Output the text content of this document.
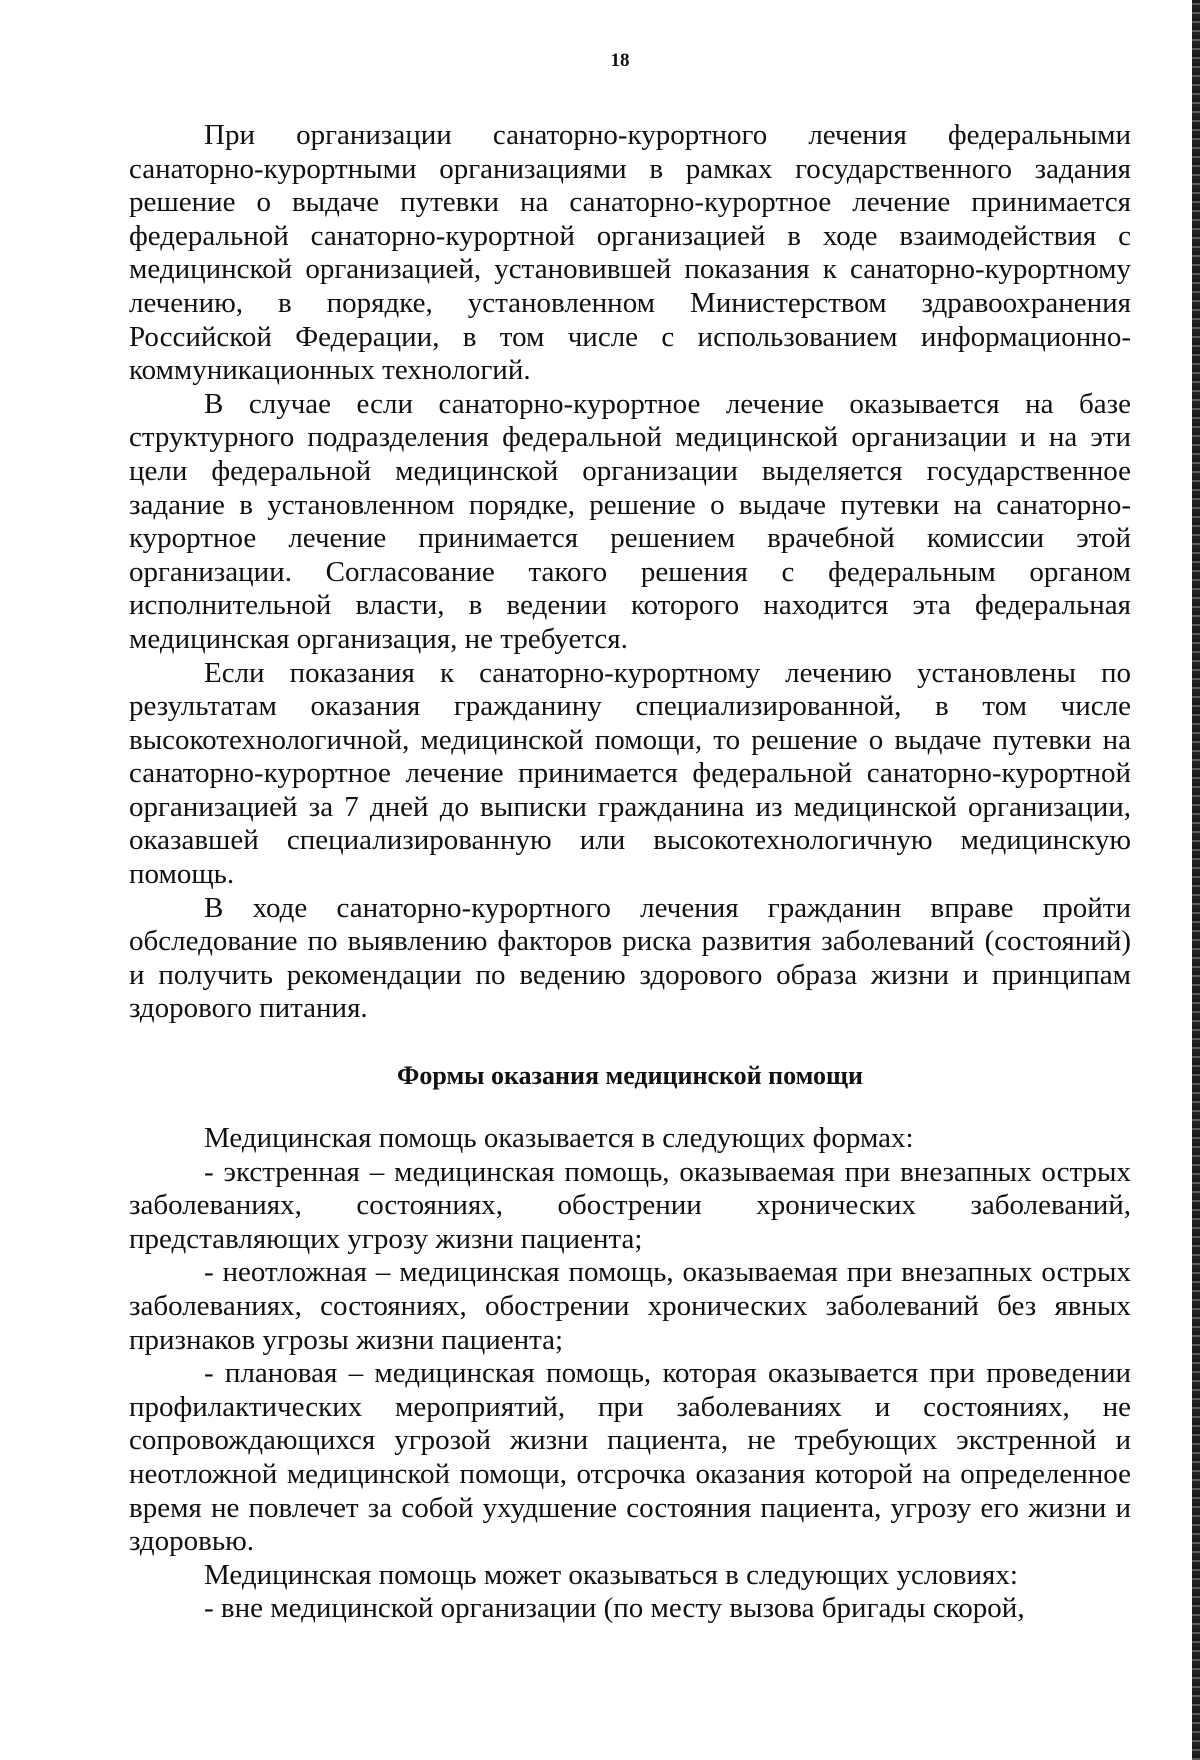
18

При организации санаторно-курортного лечения федеральными санаторно-курортными организациями в рамках государственного задания решение о выдаче путевки на санаторно-курортное лечение принимается федеральной санаторно-курортной организацией в ходе взаимодействия с медицинской организацией, установившей показания к санаторно-курортному лечению, в порядке, установленном Министерством здравоохранения Российской Федерации, в том числе с использованием информационно-коммуникационных технологий.

В случае если санаторно-курортное лечение оказывается на базе структурного подразделения федеральной медицинской организации и на эти цели федеральной медицинской организации выделяется государственное задание в установленном порядке, решение о выдаче путевки на санаторно-курортное лечение принимается решением врачебной комиссии этой организации. Согласование такого решения с федеральным органом исполнительной власти, в ведении которого находится эта федеральная медицинская организация, не требуется.

Если показания к санаторно-курортному лечению установлены по результатам оказания гражданину специализированной, в том числе высокотехнологичной, медицинской помощи, то решение о выдаче путевки на санаторно-курортное лечение принимается федеральной санаторно-курортной организацией за 7 дней до выписки гражданина из медицинской организации, оказавшей специализированную или высокотехнологичную медицинскую помощь.

В ходе санаторно-курортного лечения гражданин вправе пройти обследование по выявлению факторов риска развития заболеваний (состояний) и получить рекомендации по ведению здорового образа жизни и принципам здорового питания.

Формы оказания медицинской помощи

Медицинская помощь оказывается в следующих формах:

- экстренная – медицинская помощь, оказываемая при внезапных острых заболеваниях, состояниях, обострении хронических заболеваний, представляющих угрозу жизни пациента;

- неотложная – медицинская помощь, оказываемая при внезапных острых заболеваниях, состояниях, обострении хронических заболеваний без явных признаков угрозы жизни пациента;

- плановая – медицинская помощь, которая оказывается при проведении профилактических мероприятий, при заболеваниях и состояниях, не сопровождающихся угрозой жизни пациента, не требующих экстренной и неотложной медицинской помощи, отсрочка оказания которой на определенное время не повлечет за собой ухудшение состояния пациента, угрозу его жизни и здоровью.

Медицинская помощь может оказываться в следующих условиях:

- вне медицинской организации (по месту вызова бригады скорой,
